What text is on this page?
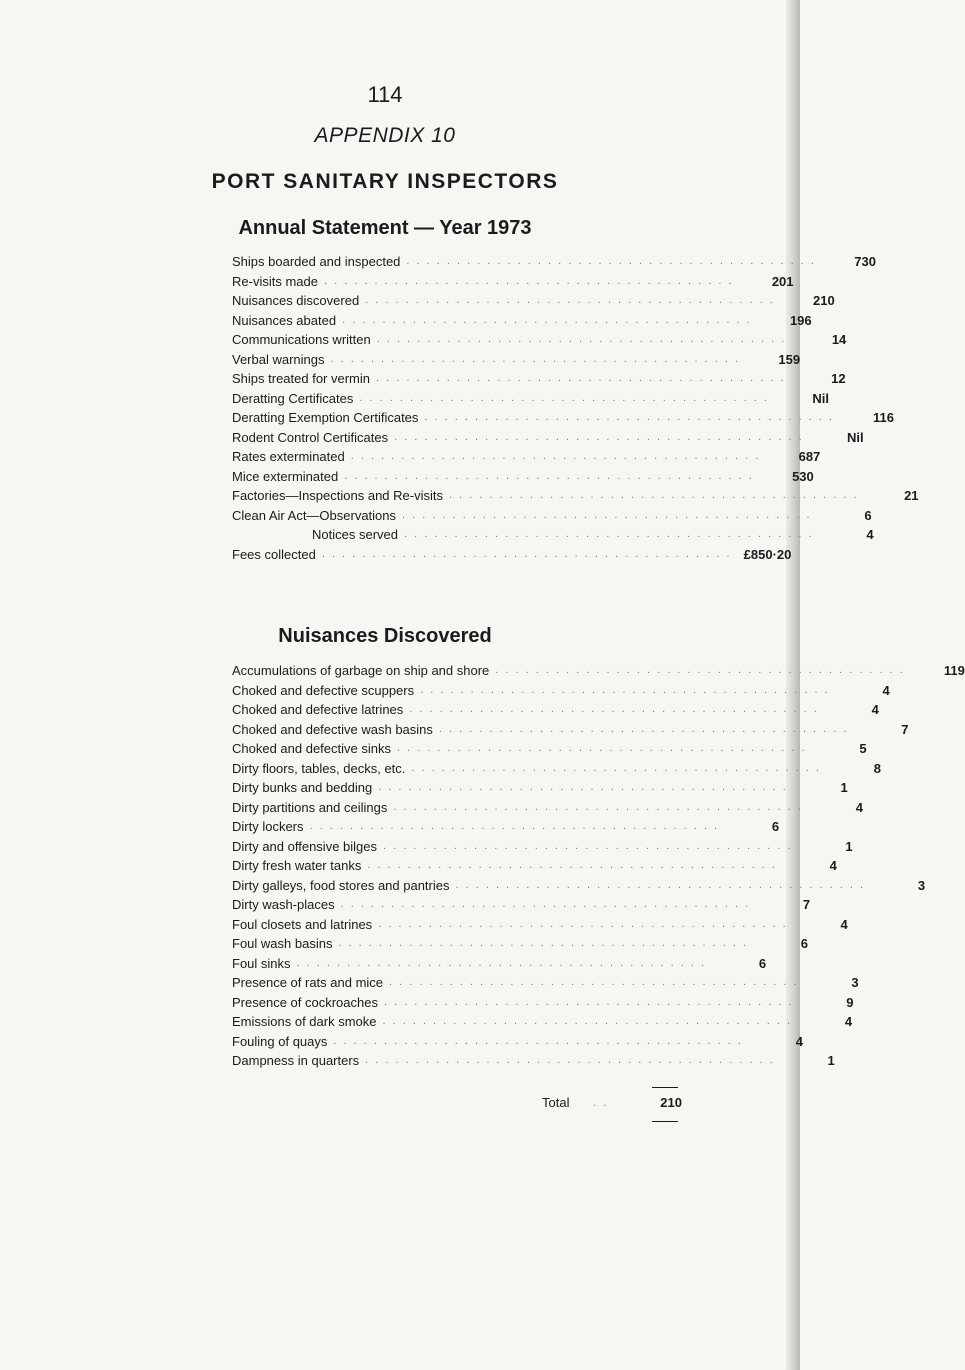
114
APPENDIX 10
PORT SANITARY INSPECTORS
Annual Statement — Year 1973
Ships boarded and inspected . . . . . . . . . . . . . . . . . . . . . . . . . . . . . . . . . . . . . . . . .	730
Re-visits made . . . . . . . . . . . . . . . . . . . . . . . . . . . . . . . . . . . . . . . . .	201
Nuisances discovered . . . . . . . . . . . . . . . . . . . . . . . . . . . . . . . . . . . . . . . . .	210
Nuisances abated . . . . . . . . . . . . . . . . . . . . . . . . . . . . . . . . . . . . . . . . .	196
Communications written . . . . . . . . . . . . . . . . . . . . . . . . . . . . . . . . . . . . . . . . .	14
Verbal warnings . . . . . . . . . . . . . . . . . . . . . . . . . . . . . . . . . . . . . . . . .	159
Ships treated for vermin . . . . . . . . . . . . . . . . . . . . . . . . . . . . . . . . . . . . . . . . .	12
Deratting Certificates . . . . . . . . . . . . . . . . . . . . . . . . . . . . . . . . . . . . . . . . .	Nil
Deratting Exemption Certificates . . . . . . . . . . . . . . . . . . . . . . . . . . . . . . . . . . . . . . . . .	116
Rodent Control Certificates . . . . . . . . . . . . . . . . . . . . . . . . . . . . . . . . . . . . . . . . .	Nil
Rates exterminated . . . . . . . . . . . . . . . . . . . . . . . . . . . . . . . . . . . . . . . . .	687
Mice exterminated . . . . . . . . . . . . . . . . . . . . . . . . . . . . . . . . . . . . . . . . .	530
Factories—Inspections and Re-visits . . . . . . . . . . . . . . . . . . . . . . . . . . . . . . . . . . . . . . . . .	21
Clean Air Act—Observations . . . . . . . . . . . . . . . . . . . . . . . . . . . . . . . . . . . . . . . . .	6
Notices served . . . . . . . . . . . . . . . . . . . . . . . . . . . . . . . . . . . . . . . . .	4
Fees collected . . . . . . . . . . . . . . . . . . . . . . . . . . . . . . . . . . . . . . . . . £850·20
Nuisances Discovered
Accumulations of garbage on ship and shore . . . . . . . . . . . . . . . . . . . . . . . . . . . . . . . . . . . . . . . . .	119
Choked and defective scuppers . . . . . . . . . . . . . . . . . . . . . . . . . . . . . . . . . . . . . . . . .	4
Choked and defective latrines . . . . . . . . . . . . . . . . . . . . . . . . . . . . . . . . . . . . . . . . .	4
Choked and defective wash basins . . . . . . . . . . . . . . . . . . . . . . . . . . . . . . . . . . . . . . . . .	7
Choked and defective sinks . . . . . . . . . . . . . . . . . . . . . . . . . . . . . . . . . . . . . . . . .	5
Dirty floors, tables, decks, etc. . . . . . . . . . . . . . . . . . . . . . . . . . . . . . . . . . . . . . . . . .	8
Dirty bunks and bedding . . . . . . . . . . . . . . . . . . . . . . . . . . . . . . . . . . . . . . . . .	1
Dirty partitions and ceilings . . . . . . . . . . . . . . . . . . . . . . . . . . . . . . . . . . . . . . . . .	4
Dirty lockers . . . . . . . . . . . . . . . . . . . . . . . . . . . . . . . . . . . . . . . . .	6
Dirty and offensive bilges . . . . . . . . . . . . . . . . . . . . . . . . . . . . . . . . . . . . . . . . .	1
Dirty fresh water tanks . . . . . . . . . . . . . . . . . . . . . . . . . . . . . . . . . . . . . . . . .	4
Dirty galleys, food stores and pantries . . . . . . . . . . . . . . . . . . . . . . . . . . . . . . . . . . . . . . . . .	3
Dirty wash-places . . . . . . . . . . . . . . . . . . . . . . . . . . . . . . . . . . . . . . . . .	7
Foul closets and latrines . . . . . . . . . . . . . . . . . . . . . . . . . . . . . . . . . . . . . . . . .	4
Foul wash basins . . . . . . . . . . . . . . . . . . . . . . . . . . . . . . . . . . . . . . . . .	6
Foul sinks . . . . . . . . . . . . . . . . . . . . . . . . . . . . . . . . . . . . . . . . .	6
Presence of rats and mice . . . . . . . . . . . . . . . . . . . . . . . . . . . . . . . . . . . . . . . . .	3
Presence of cockroaches . . . . . . . . . . . . . . . . . . . . . . . . . . . . . . . . . . . . . . . . .	9
Emissions of dark smoke . . . . . . . . . . . . . . . . . . . . . . . . . . . . . . . . . . . . . . . . .	4
Fouling of quays . . . . . . . . . . . . . . . . . . . . . . . . . . . . . . . . . . . . . . . . .	4
Dampness in quarters . . . . . . . . . . . . . . . . . . . . . . . . . . . . . . . . . . . . . . . . .	1
Total	. .	210
